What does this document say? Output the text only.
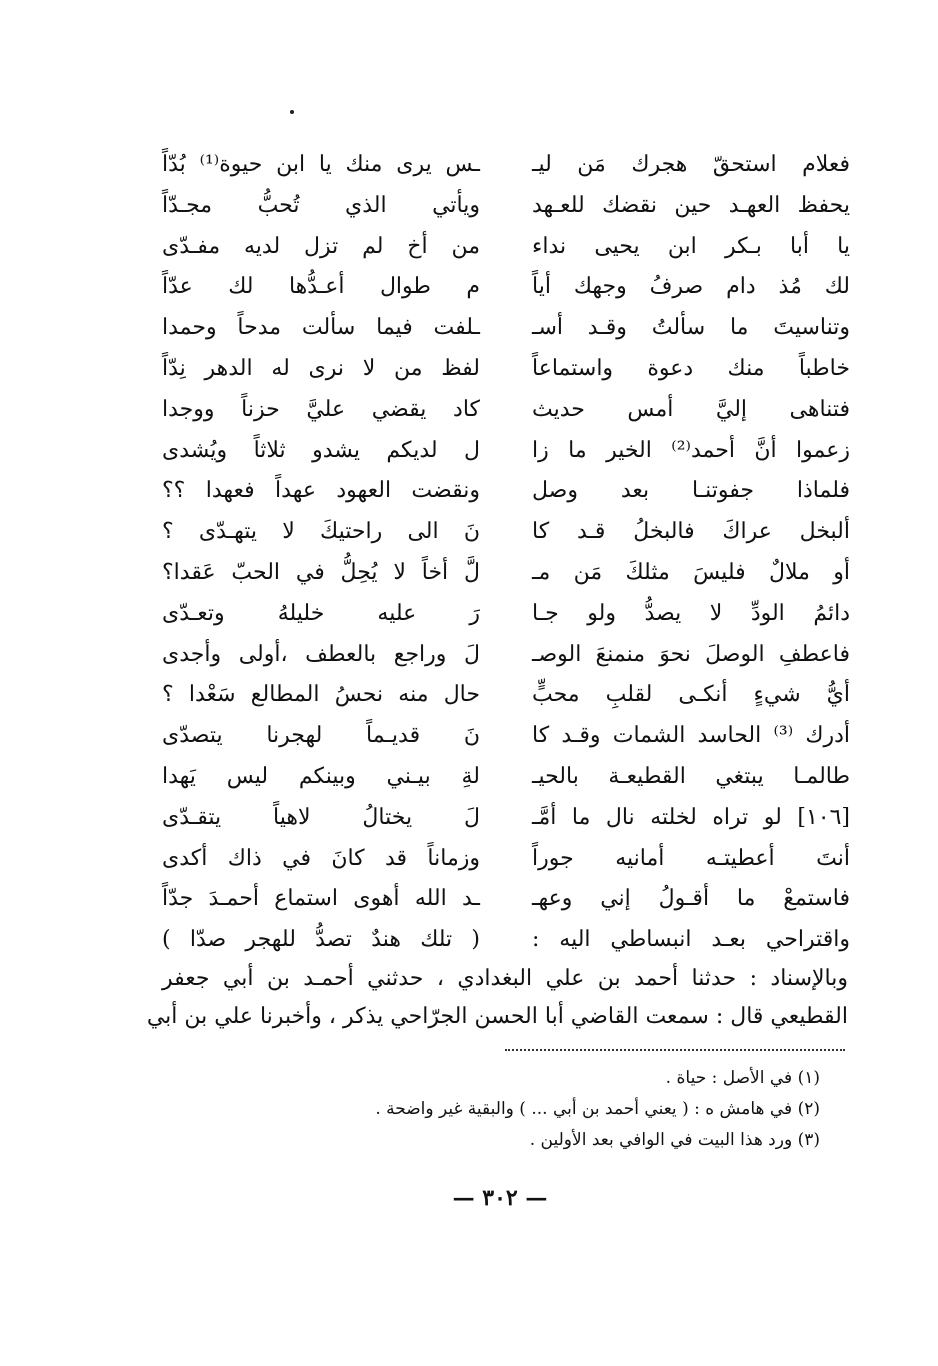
فعلام استحقّ هجرك مَن ليـ
ـس يرى منك يا ابن حيوة⁽¹⁾ بُدّاً
يحفظ العهـد حين نقضك للعـهد
ويأتي الذي تُحبُّ مجـدّاً
يا أبا بـكر ابن يحيى نداء
من أخ لم تزل لديه مفـدّى
لك مُذ دام صرفُ وجهك أياً
م طوال أعـدُّها لك عدّاً
وتناسيتَ ما سألتُ وقـد أسـ
ـلفت فيما سألت مدحاً وحمدا
خاطباً منك دعوة واستماعاً
لفظ من لا نرى له الدهر نِدّاً
فتناهى إليَّ أمس حديث
كاد يقضي عليَّ حزناً ووجدا
زعموا أنَّ أحمد⁽²⁾ الخير ما زا
ل لديكم يشدو ثلاثاً ويُشدى
فلماذا جفوتنـا بعد وصل
ونقضت العهود عهداً فعهدا ؟؟
ألبخل عراكَ فالبخلُ قـد كا
نَ الى راحتيكَ لا يتهـدّى ؟
أو ملالٌ فليسَ مثلكَ مَن مـ
لَّ أخاً لا يُحِلُّ في الحبّ عَقدا؟
دائمُ الودِّ لا يصدُّ ولو جـا
رَ عليه خليلهُ وتعـدّى
فاعطفِ الوصلَ نحوَ منمنعَ الوصـ
لَ وراجع بالعطف ،أولى وأجدى
أيُّ شيءٍ أنكـى لقلبِ محبٍّ
حال منه نحسُ المطالع سَعْدا ؟
أدرك ⁽³⁾ الحاسد الشمات وقـد كا
نَ قديـماً لهجرنا يتصدّى
طالمـا يبتغي القطيعـة بالحيـ
لةِ بيـني وبينكم ليس يَهدا
[١٠٦] لو تراه لخلته نال ما أمَّـ
لَ يختالُ لاهياً يتقـدّى
أنتَ أعطيتـه أمانيه جوراً
وزماناً قد كانَ في ذاك أكدى
فاستمعْ ما أقـولُ إني وعهـ
ـد الله أهوى استماع أحمـدَ جدّاً
واقتراحي بعـد انبساطي اليه :
( تلك هندٌ تصدُّ للهجر صدّا )
وبالإسناد : حدثنا أحمد بن علي البغدادي ، حدثني أحمـد بن أبي جعفر
القطيعي قال : سمعت القاضي أبا الحسن الجرّاحي يذكر ، وأخبرنا علي بن أبي
(١) في الأصل : حياة .
(٢) في هامش ه : ( يعني أحمد بن أبي ... ) والبقية غير واضحة .
(٣) ورد هذا البيت في الوافي بعد الأولين .
— ٣٠٢ —
